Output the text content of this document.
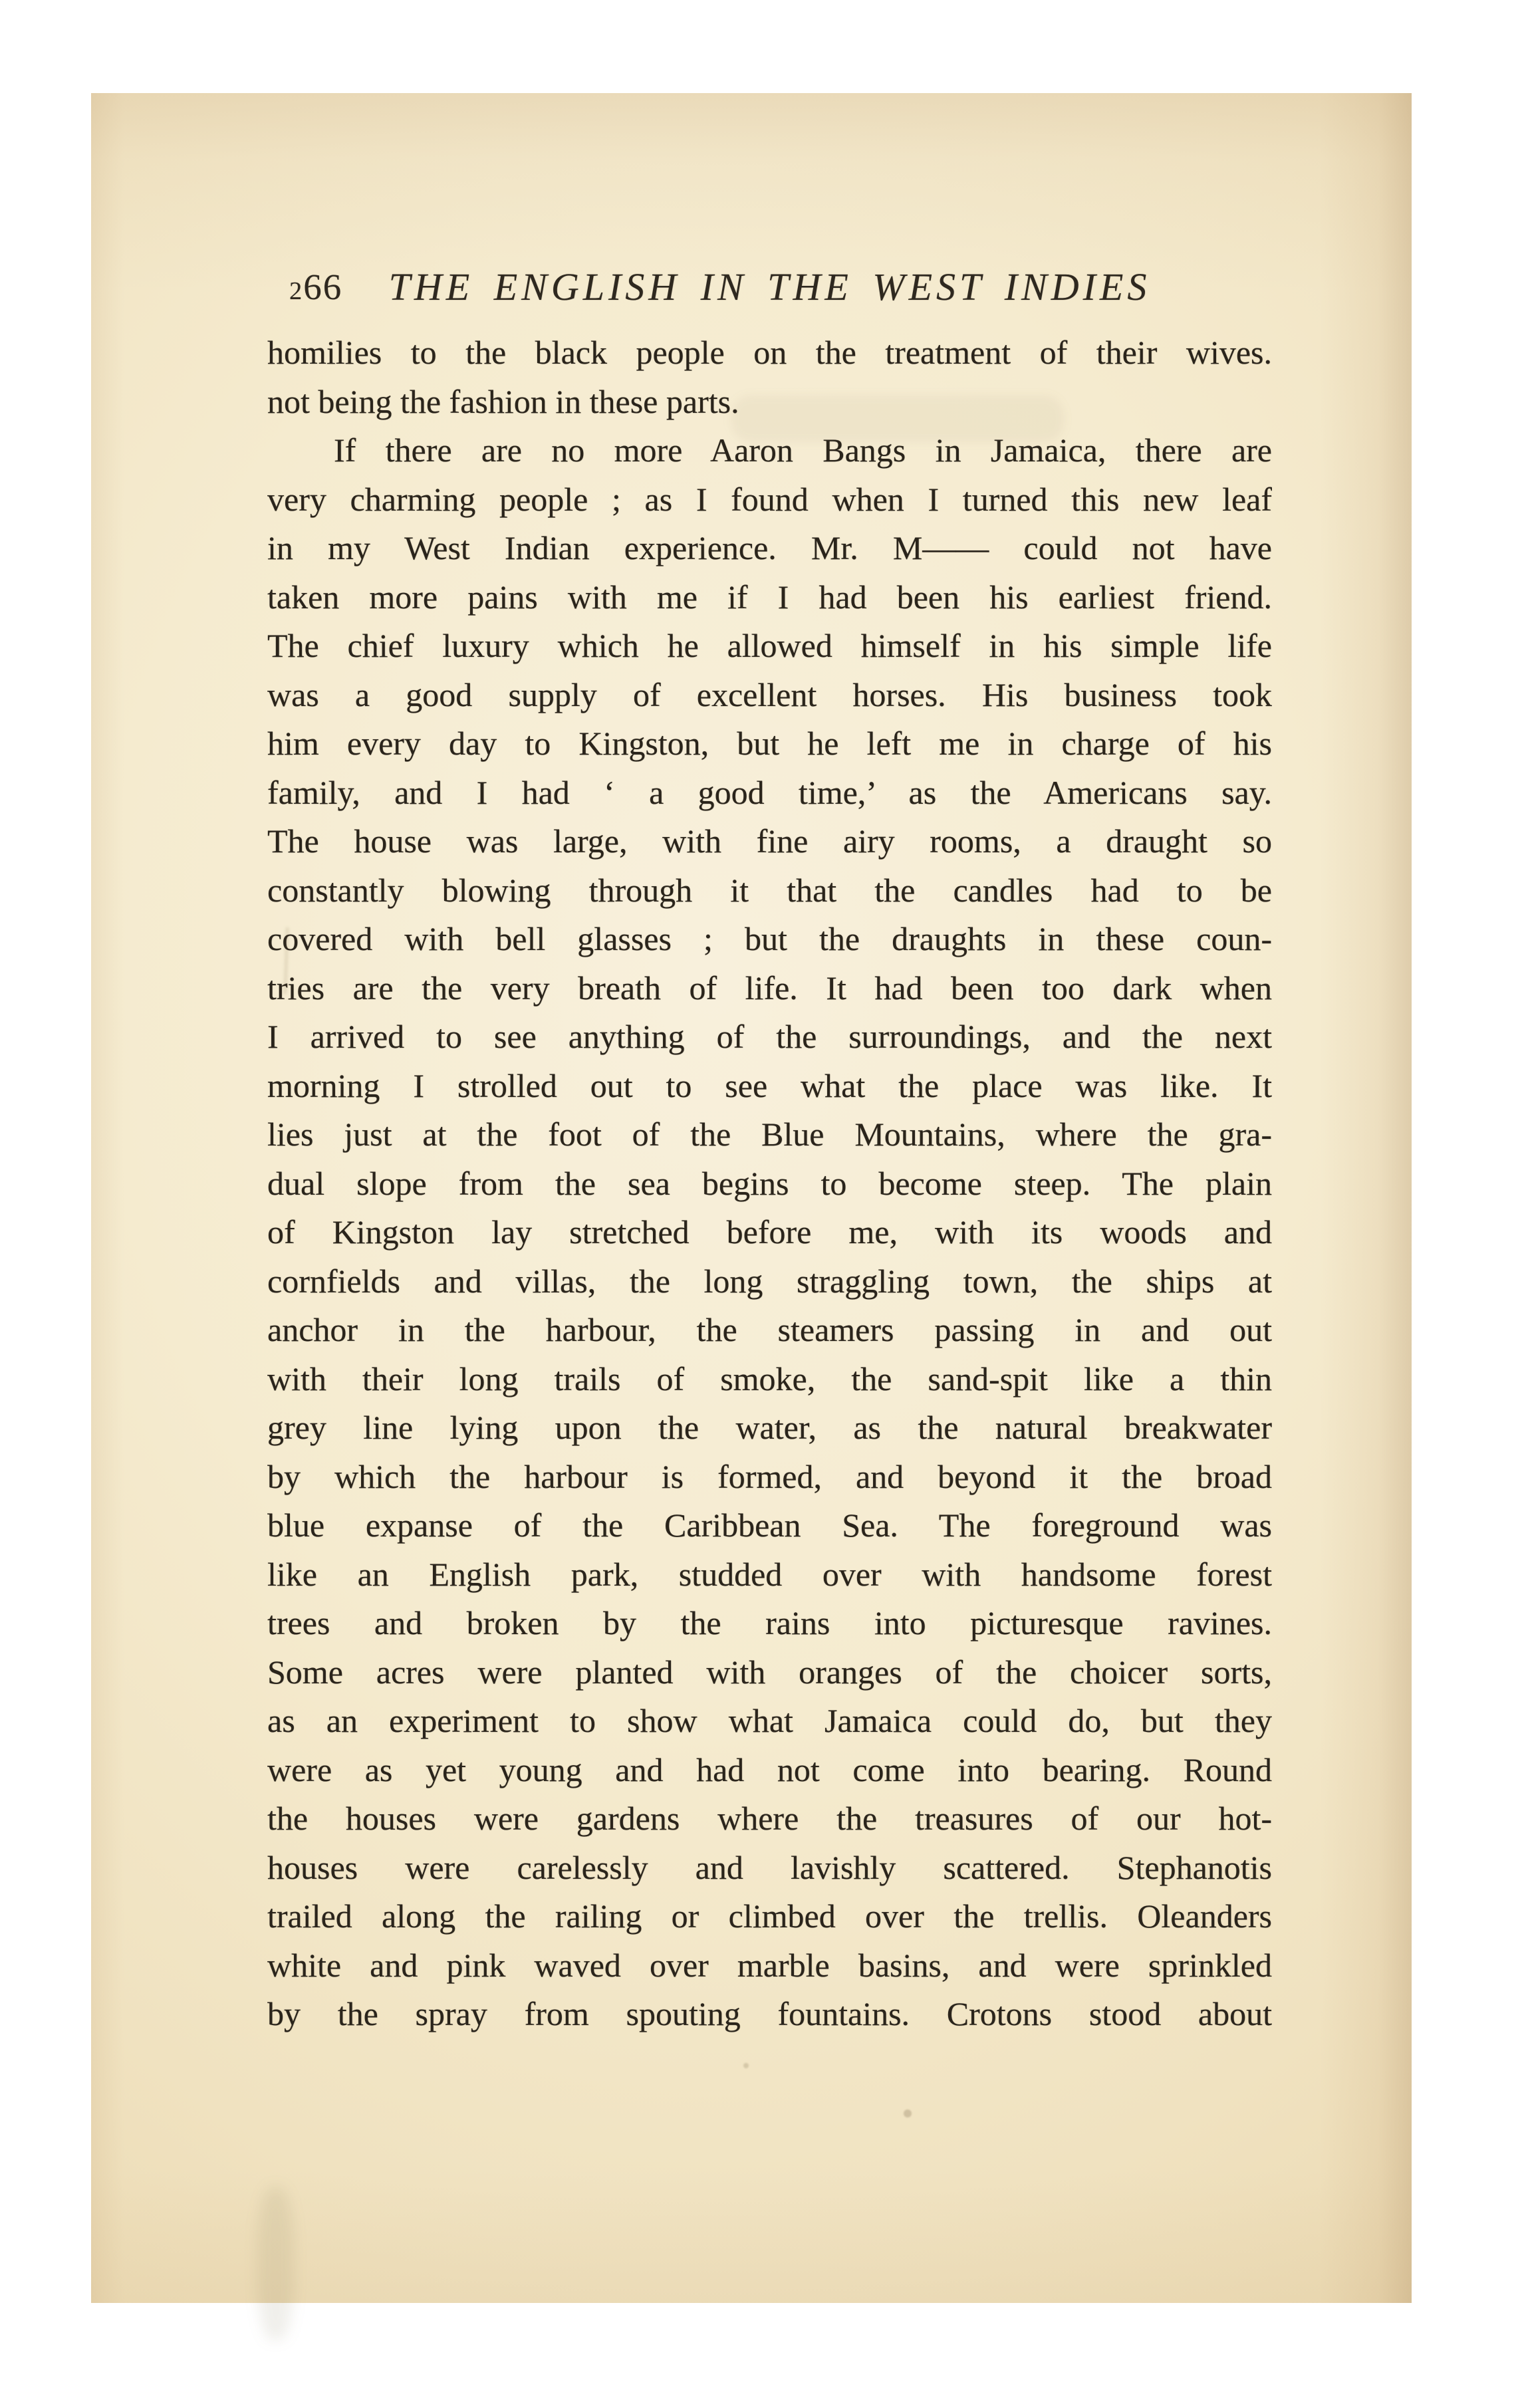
266 THE ENGLISH IN THE WEST INDIES
homilies to the black people on the treatment of their wives.
not being the fashion in these parts.
If there are no more Aaron Bangs in Jamaica, there are
very charming people ; as I found when I turned this new leaf
in my West Indian experience. Mr. M—— could not have
taken more pains with me if I had been his earliest friend.
The chief luxury which he allowed himself in his simple life
was a good supply of excellent horses. His business took
him every day to Kingston, but he left me in charge of his
family, and I had ‘ a good time,’ as the Americans say.
The house was large, with fine airy rooms, a draught so
constantly blowing through it that the candles had to be
covered with bell glasses ; but the draughts in these coun-
tries are the very breath of life. It had been too dark when
I arrived to see anything of the surroundings, and the next
morning I strolled out to see what the place was like. It
lies just at the foot of the Blue Mountains, where the gra-
dual slope from the sea begins to become steep. The plain
of Kingston lay stretched before me, with its woods and
cornfields and villas, the long straggling town, the ships at
anchor in the harbour, the steamers passing in and out
with their long trails of smoke, the sand-spit like a thin
grey line lying upon the water, as the natural breakwater
by which the harbour is formed, and beyond it the broad
blue expanse of the Caribbean Sea. The foreground was
like an English park, studded over with handsome forest
trees and broken by the rains into picturesque ravines.
Some acres were planted with oranges of the choicer sorts,
as an experiment to show what Jamaica could do, but they
were as yet young and had not come into bearing. Round
the houses were gardens where the treasures of our hot-
houses were carelessly and lavishly scattered. Stephanotis
trailed along the railing or climbed over the trellis. Oleanders
white and pink waved over marble basins, and were sprinkled
by the spray from spouting fountains. Crotons stood about
